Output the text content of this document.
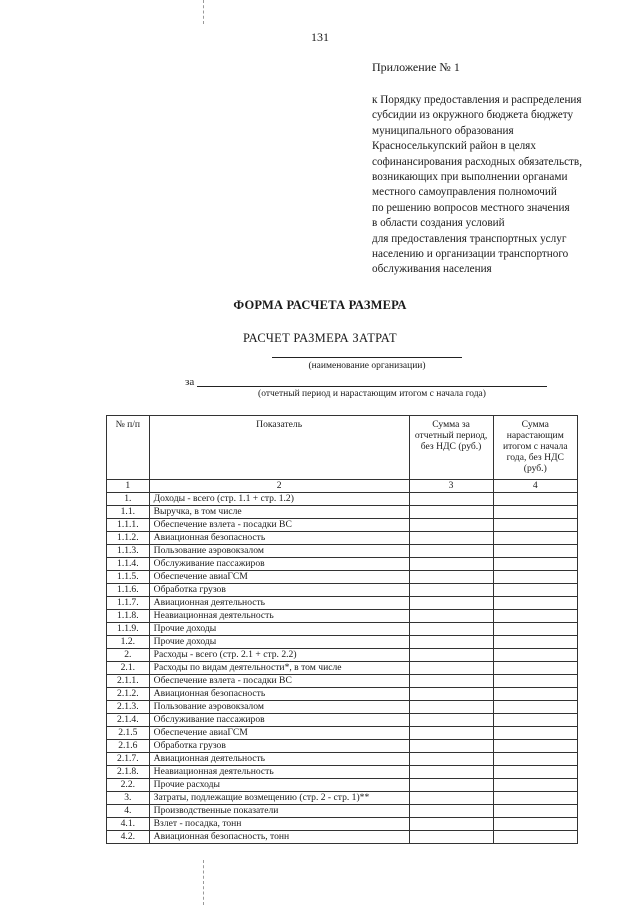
131
Приложение № 1
к Порядку предоставления и распределения
субсидии из окружного бюджета бюджету
муниципального образования
Красноселькупский район в целях
софинансирования расходных обязательств,
возникающих при выполнении органами
местного самоуправления полномочий
по решению вопросов местного значения
в области создания условий
для предоставления транспортных услуг
населению и организации транспортного
обслуживания населения
ФОРМА РАСЧЕТА РАЗМЕРА
РАСЧЕТ РАЗМЕРА ЗАТРАТ
(наименование организации)
за
(отчетный период и нарастающим итогом с начала года)
№ п/п	Показатель	Сумма за отчетный период, без НДС (руб.)	Сумма нарастающим итогом с начала года, без НДС (руб.)
1	2	3	4
1.	Доходы - всего (стр. 1.1 + стр. 1.2)		
1.1.	Выручка, в том числе		
1.1.1.	Обеспечение взлета - посадки ВС		
1.1.2.	Авиационная безопасность		
1.1.3.	Пользование аэровокзалом		
1.1.4.	Обслуживание пассажиров		
1.1.5.	Обеспечение авиаГСМ		
1.1.6.	Обработка грузов		
1.1.7.	Авиационная деятельность		
1.1.8.	Неавиационная деятельность		
1.1.9.	Прочие доходы		
1.2.	Прочие доходы		
2.	Расходы - всего (стр. 2.1 + стр. 2.2)		
2.1.	Расходы по видам деятельности*, в том числе		
2.1.1.	Обеспечение взлета - посадки ВС		
2.1.2.	Авиационная безопасность		
2.1.3.	Пользование аэровокзалом		
2.1.4.	Обслуживание пассажиров		
2.1.5	Обеспечение авиаГСМ		
2.1.6	Обработка грузов		
2.1.7.	Авиационная деятельность		
2.1.8.	Неавиационная деятельность		
2.2.	Прочие расходы		
3.	Затраты, подлежащие возмещению (стр. 2 - стр. 1)**		
4.	Производственные показатели		
4.1.	Взлет - посадка, тонн		
4.2.	Авиационная безопасность, тонн		
